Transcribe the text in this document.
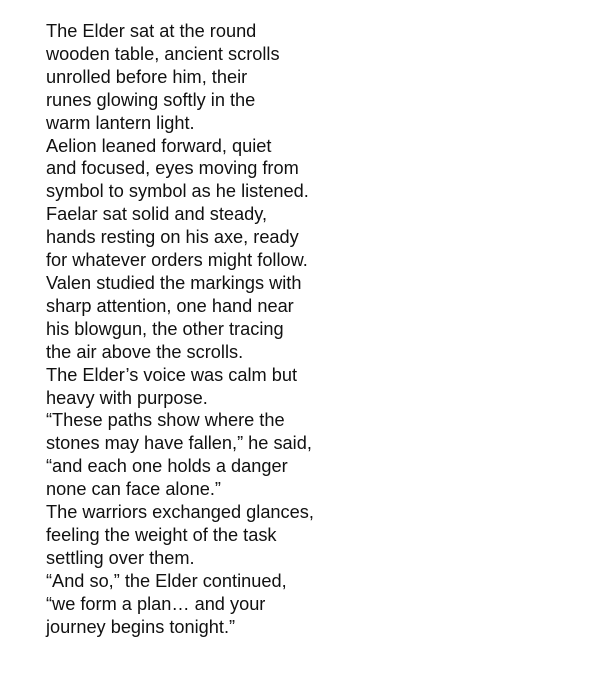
The Elder sat at the round

wooden table, ancient scrolls

unrolled before him, their

runes glowing softly in the

warm lantern light.

Aelion leaned forward, quiet

and focused, eyes moving from

symbol to symbol as he listened.

Faelar sat solid and steady,

hands resting on his axe, ready

for whatever orders might follow.

Valen studied the markings with

sharp attention, one hand near

his blowgun, the other tracing

the air above the scrolls.

The Elder’s voice was calm but

heavy with purpose.

“These paths show where the

stones may have fallen,” he said,

“and each one holds a danger

none can face alone.”

The warriors exchanged glances,

feeling the weight of the task

settling over them.

“And so,” the Elder continued,

“we form a plan… and your

journey begins tonight.”
